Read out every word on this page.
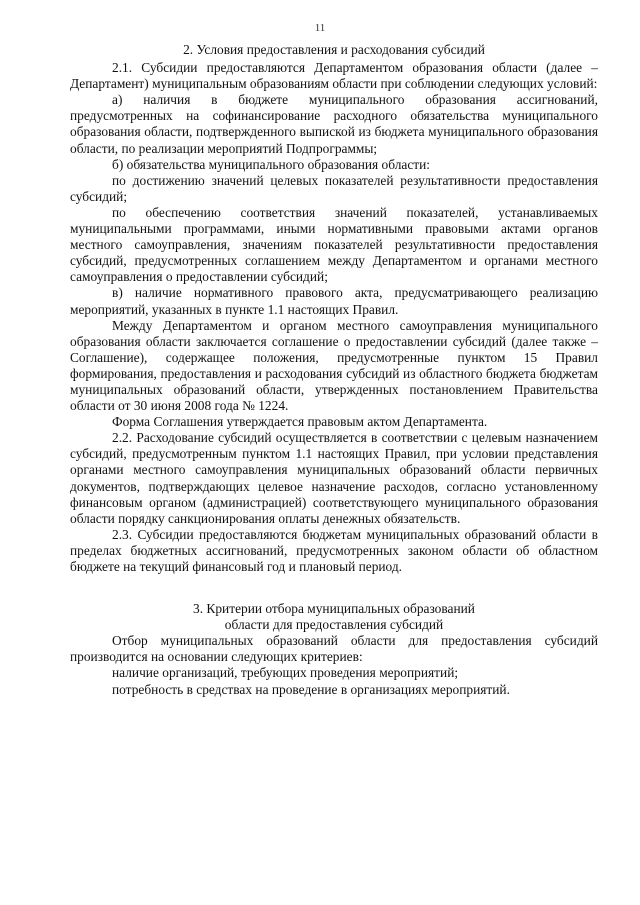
11
2. Условия предоставления и расходования субсидий

2.1. Субсидии предоставляются Департаментом образования области (далее – Департамент) муниципальным образованиям области при соблюдении следующих условий:

а) наличия в бюджете муниципального образования ассигнований, предусмотренных на софинансирование расходного обязательства муниципального образования области, подтвержденного выпиской из бюджета муниципального образования области, по реализации мероприятий Подпрограммы;

б) обязательства муниципального образования области:

по достижению значений целевых показателей результативности предоставления субсидий;

по обеспечению соответствия значений показателей, устанавливаемых муниципальными программами, иными нормативными правовыми актами органов местного самоуправления, значениям показателей результативности предоставления субсидий, предусмотренных соглашением между Департаментом и органами местного самоуправления о предоставлении субсидий;

в) наличие нормативного правового акта, предусматривающего реализацию мероприятий, указанных в пункте 1.1 настоящих Правил.

Между Департаментом и органом местного самоуправления муниципального образования области заключается соглашение о предоставлении субсидий (далее также – Соглашение), содержащее положения, предусмотренные пунктом 15 Правил формирования, предоставления и расходования субсидий из областного бюджета бюджетам муниципальных образований области, утвержденных постановлением Правительства области от 30 июня 2008 года № 1224.

Форма Соглашения утверждается правовым актом Департамента.

2.2. Расходование субсидий осуществляется в соответствии с целевым назначением субсидий, предусмотренным пунктом 1.1 настоящих Правил, при условии представления органами местного самоуправления муниципальных образований области первичных документов, подтверждающих целевое назначение расходов, согласно установленному финансовым органом (администрацией) соответствующего муниципального образования области порядку санкционирования оплаты денежных обязательств.

2.3. Субсидии предоставляются бюджетам муниципальных образований области в пределах бюджетных ассигнований, предусмотренных законом области об областном бюджете на текущий финансовый год и плановый период.

3. Критерии отбора муниципальных образований
области для предоставления субсидий

Отбор муниципальных образований области для предоставления субсидий производится на основании следующих критериев:

наличие организаций, требующих проведения мероприятий;

потребность в средствах на проведение в организациях мероприятий.
